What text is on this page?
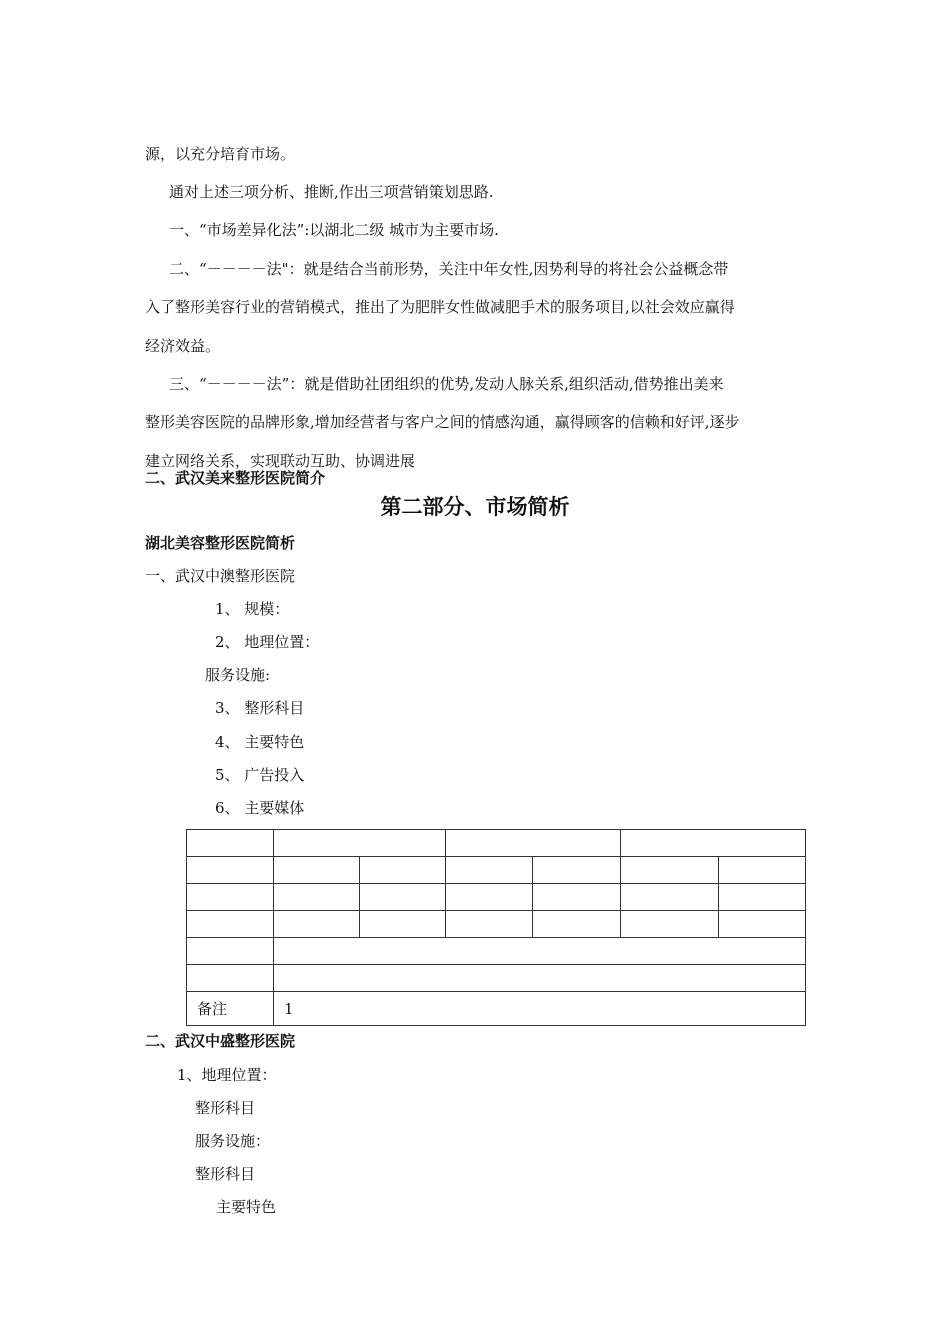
源，以充分培育市场。
通对上述三项分析、推断,作出三项营销策划思路.
一、“市场差异化法”:以湖北二级 城市为主要市场.
二、“－－－－法"：就是结合当前形势，关注中年女性,因势利导的将社会公益概念带
入了整形美容行业的营销模式，推出了为肥胖女性做减肥手术的服务项目,以社会效应赢得
经济效益。
三、“－－－－法”：就是借助社团组织的优势,发动人脉关系,组织活动,借势推出美来
整形美容医院的品牌形象,增加经营者与客户之间的情感沟通，赢得顾客的信赖和好评,逐步
建立网络关系，实现联动互助、协调进展
二、武汉美来整形医院简介
第二部分、市场简析
湖北美容整形医院简析
一、武汉中澳整形医院
1、 规模：
2、 地理位置：
服务设施:
3、 整形科目
4、 主要特色
5、 广告投入
6、 主要媒体

备注	1					
二、武汉中盛整形医院
1、地理位置：
整形科目
服务设施：
整形科目
主要特色
